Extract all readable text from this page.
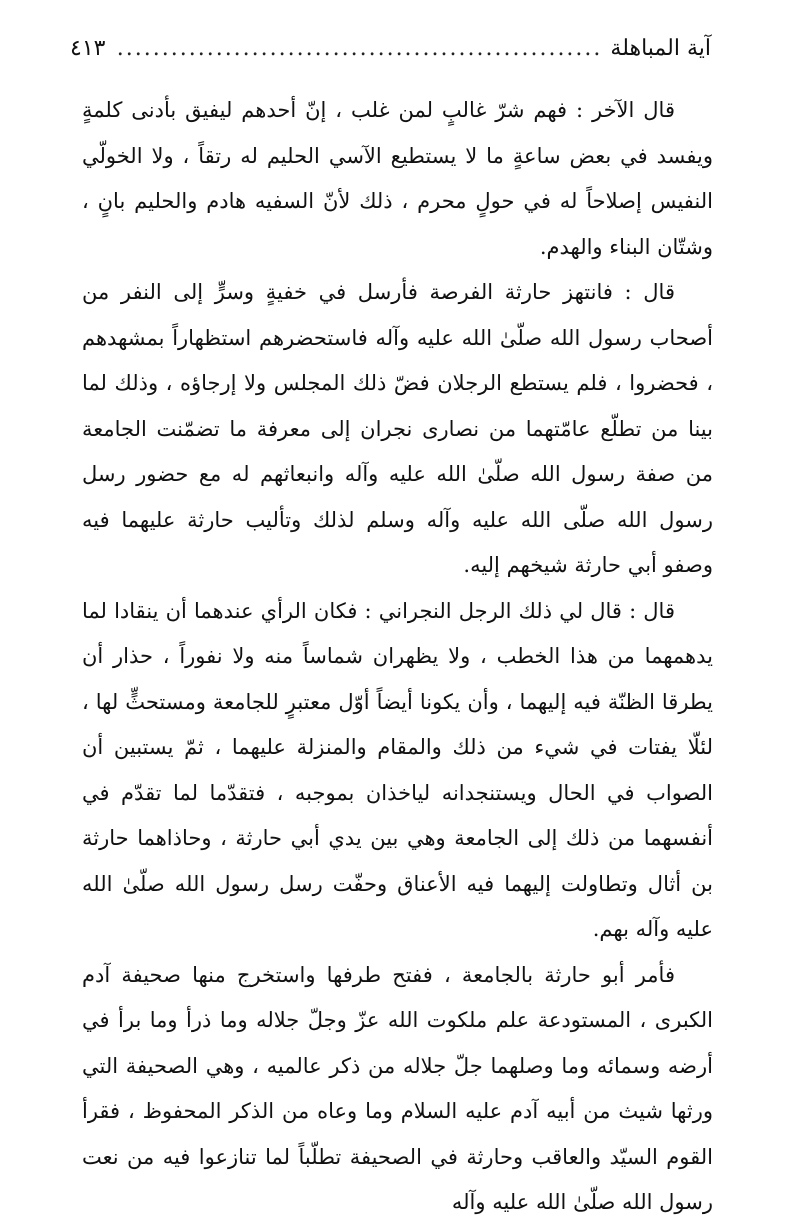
آية المباهلة
.....
٤١٣

قال الآخر : فهم شرّ غالبٍ لمن غلب ، إنّ أحدهم ليفيق بأدنى كلمةٍ ويفسد في بعض ساعةٍ ما لا يستطيع الآسي الحليم له رتقاً ، ولا الخولّي النفيس إصلاحاً له في حولٍ محرم ، ذلك لأنّ السفيه هادم والحليم بانٍ ، وشتّان البناء والهدم.

قال : فانتهز حارثة الفرصة فأرسل في خفيةٍ وسرٍّ إلى النفر من أصحاب رسول الله صلّىٰ الله عليه وآله فاستحضرهم استظهاراً بمشهدهم ، فحضروا ، فلم يستطع الرجلان فضّ ذلك المجلس ولا إرجاؤه ، وذلك لما بينا من تطلّع عامّتهما من نصارى نجران إلى معرفة ما تضمّنت الجامعة من صفة رسول الله صلّىٰ الله عليه وآله وانبعاثهم له مع حضور رسل رسول الله صلّى الله عليه وآله وسلم لذلك وتأليب حارثة عليهما فيه وصفو أبي حارثة شيخهم إليه.

قال : قال لي ذلك الرجل النجراني : فكان الرأي عندهما أن ينقادا لما يدهمهما من هذا الخطب ، ولا يظهران شماساً منه ولا نفوراً ، حذار أن يطرقا الظنّة فيه إليهما ، وأن يكونا أيضاً أوّل معتبرٍ للجامعة ومستحثٍّ لها ، لئلّا يفتات في شيء من ذلك والمقام والمنزلة عليهما ، ثمّ يستبين أن الصواب في الحال ويستنجدانه لياخذان بموجبه ، فتقدّما لما تقدّم في أنفسهما من ذلك إلى الجامعة وهي بين يدي أبي حارثة ، وحاذاهما حارثة بن أثال وتطاولت إليهما فيه الأعناق وحفّت رسل رسول الله صلّىٰ الله عليه وآله بهم.

فأمر أبو حارثة بالجامعة ، ففتح طرفها واستخرج منها صحيفة آدم الكبرى ، المستودعة علم ملكوت الله عزّ وجلّ جلاله وما ذرأ وما برأ في أرضه وسمائه وما وصلهما جلّ جلاله من ذكر عالميه ، وهي الصحيفة التي ورثها شيث من أبيه آدم عليه السلام وما وعاه من الذكر المحفوظ ، فقرأ القوم السيّد والعاقب وحارثة في الصحيفة تطلّباً لما تنازعوا فيه من نعت رسول الله صلّىٰ الله عليه وآله
